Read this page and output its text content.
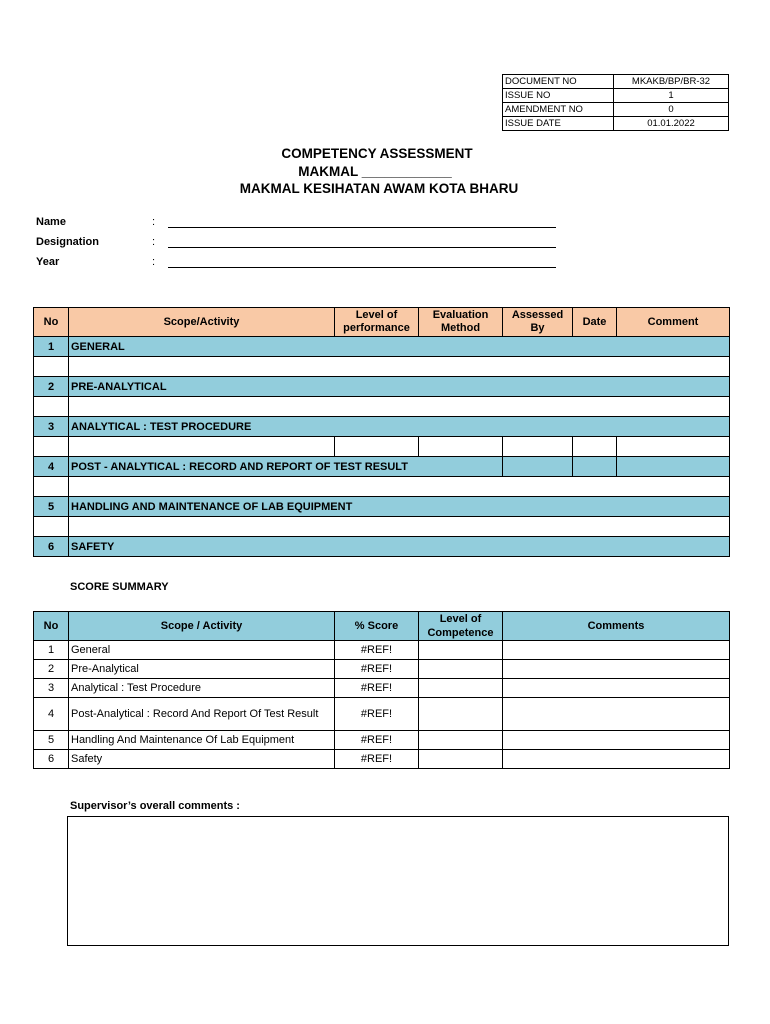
DOCUMENT NO	MKAKB/BP/BR-32
ISSUE NO	1
AMENDMENT NO	0
ISSUE DATE	01.01.2022
COMPETENCY ASSESSMENT
MAKMAL ____________
MAKMAL KESIHATAN AWAM KOTA BHARU
Name	:
Designation	:
Year	:
No	Scope/Activity	Level of performance	Evaluation Method	Assessed By	Date	Comment
1	GENERAL					

2	PRE-ANALYTICAL					

3	ANALYTICAL : TEST PROCEDURE					

4	POST - ANALYTICAL : RECORD AND REPORT OF TEST RESULT					

5	HANDLING AND MAINTENANCE OF LAB EQUIPMENT					

6	SAFETY					
SCORE SUMMARY
No	Scope / Activity	% Score	Level of Competence	Comments
1	General	#REF!		
2	Pre-Analytical	#REF!		
3	Analytical : Test Procedure	#REF!		
4	Post-Analytical : Record And Report Of Test Result	#REF!		
5	Handling And Maintenance Of Lab Equipment	#REF!		
6	Safety	#REF!		
Supervisor’s overall comments :
